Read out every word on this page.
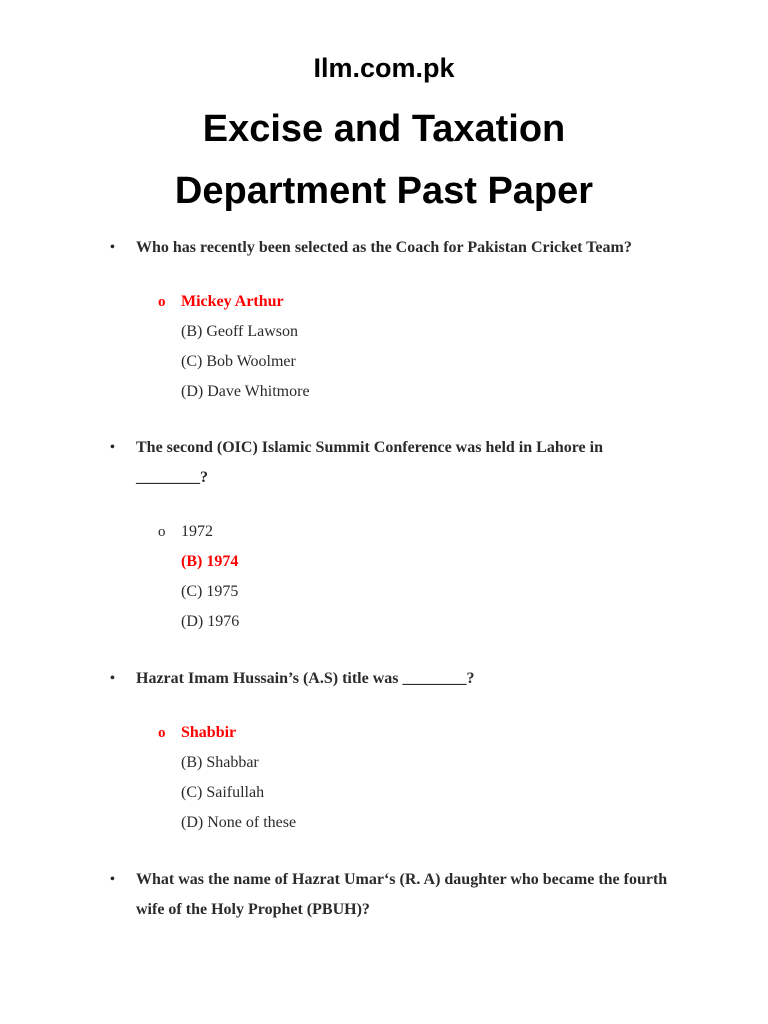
Ilm.com.pk
Excise and Taxation
Department Past Paper
•	Who has recently been selected as the Coach for Pakistan Cricket Team?
o Mickey Arthur
(B) Geoff Lawson
(C) Bob Woolmer
(D) Dave Whitmore
•	The second (OIC) Islamic Summit Conference was held in Lahore in ________?
o 1972
(B) 1974
(C) 1975
(D) 1976
•	Hazrat Imam Hussain’s (A.S) title was ________?
o Shabbir
(B) Shabbar
(C) Saifullah
(D) None of these
•	What was the name of Hazrat Umar‘s (R. A) daughter who became the fourth wife of the Holy Prophet (PBUH)?
